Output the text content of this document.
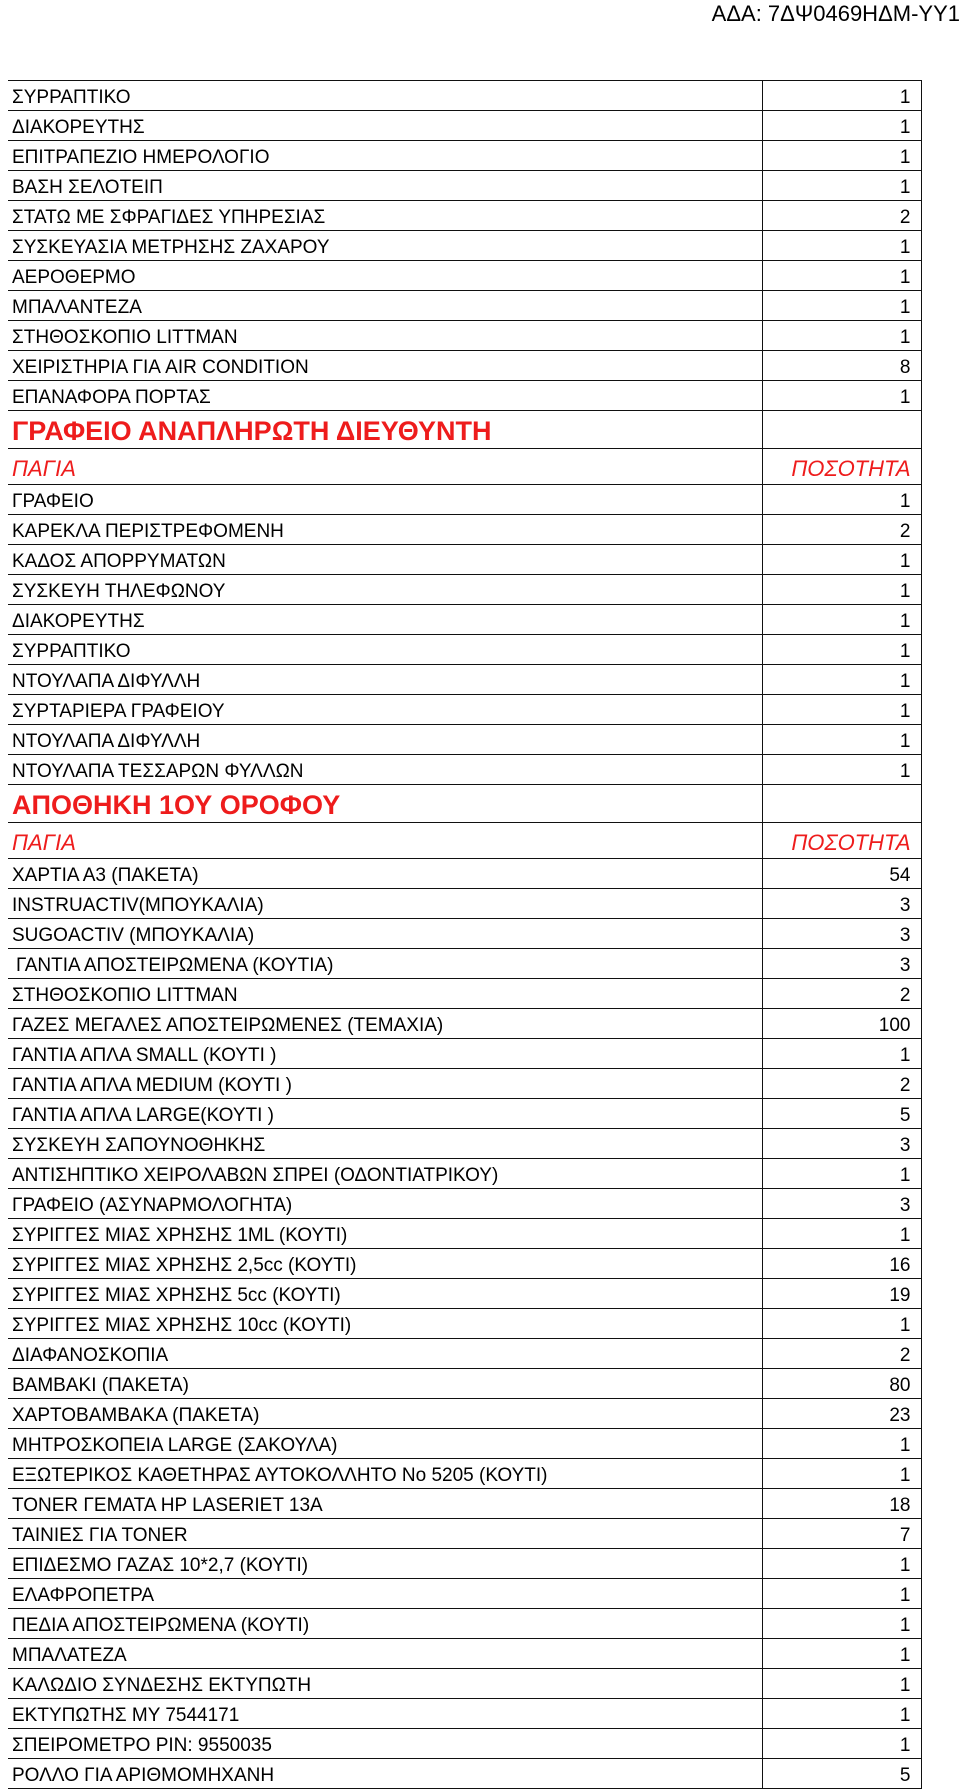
ΑΔΑ: 7ΔΨ0469ΗΔΜ-ΥΥ1
ΣΥΡΡΑΠΤΙΚΟ	1
ΔΙΑΚΟΡΕΥΤΗΣ	1
ΕΠΙΤΡΑΠΕΖΙΟ ΗΜΕΡΟΛΟΓΙΟ	1
ΒΑΣΗ ΣΕΛΟΤΕΙΠ	1
ΣΤΑΤΩ ΜΕ ΣΦΡΑΓΙΔΕΣ ΥΠΗΡΕΣΙΑΣ	2
ΣΥΣΚΕΥΑΣΙΑ ΜΕΤΡΗΣΗΣ ΖΑΧΑΡΟΥ	1
ΑΕΡΟΘΕΡΜΟ	1
ΜΠΑΛΑΝΤΕΖΑ	1
ΣΤΗΘΟΣΚΟΠΙΟ LITTMAN	1
ΧΕΙΡΙΣΤΗΡΙΑ ΓΙΑ AIR CONDITION	8
ΕΠΑΝΑΦΟΡΑ ΠΟΡΤΑΣ	1
ΓΡΑΦΕΙΟ ΑΝΑΠΛΗΡΩΤΗ ΔΙΕΥΘΥΝΤΗ	
ΠΑΓΙΑ	ΠΟΣΟΤΗΤΑ
ΓΡΑΦΕΙΟ	1
ΚΑΡΕΚΛΑ ΠΕΡΙΣΤΡΕΦΟΜΕΝΗ	2
ΚΑΔΟΣ ΑΠΟΡΡΥΜΑΤΩΝ	1
ΣΥΣΚΕΥΗ ΤΗΛΕΦΩΝΟΥ	1
ΔΙΑΚΟΡΕΥΤΗΣ	1
ΣΥΡΡΑΠΤΙΚΟ	1
ΝΤΟΥΛΑΠΑ ΔΙΦΥΛΛΗ	1
ΣΥΡΤΑΡΙΕΡΑ ΓΡΑΦΕΙΟΥ	1
ΝΤΟΥΛΑΠΑ ΔΙΦΥΛΛΗ	1
ΝΤΟΥΛΑΠΑ ΤΕΣΣΑΡΩΝ ΦΥΛΛΩΝ	1
ΑΠΟΘΗΚΗ 1ΟΥ ΟΡΟΦΟΥ	
ΠΑΓΙΑ	ΠΟΣΟΤΗΤΑ
ΧΑΡΤΙΑ Α3 (ΠΑΚΕΤΑ)	54
INSTRUACTIV(ΜΠΟΥΚΑΛΙΑ)	3
SUGOACTIV (ΜΠΟΥΚΑΛΙΑ)	3
ΓΑΝΤΙΑ ΑΠΟΣΤΕΙΡΩΜΕΝΑ (ΚΟΥΤΙΑ)	3
ΣΤΗΘΟΣΚΟΠΙΟ LITTMAN	2
ΓΑΖΕΣ ΜΕΓΑΛΕΣ ΑΠΟΣΤΕΙΡΩΜΕΝΕΣ (ΤΕΜΑΧΙΑ)	100
ΓΑΝΤΙΑ ΑΠΛΑ SMALL (ΚΟΥΤΙ )	1
ΓΑΝΤΙΑ ΑΠΛΑ MEDIUM (ΚΟΥΤΙ )	2
ΓΑΝΤΙΑ ΑΠΛΑ LARGE(ΚΟΥΤΙ )	5
ΣΥΣΚΕΥΗ ΣΑΠΟΥΝΟΘΗΚΗΣ	3
ΑΝΤΙΣΗΠΤΙΚΟ ΧΕΙΡΟΛΑΒΩΝ ΣΠΡΕΙ (ΟΔΟΝΤΙΑΤΡΙΚΟΥ)	1
ΓΡΑΦΕΙΟ (ΑΣΥΝΑΡΜΟΛΟΓΗΤΑ)	3
ΣΥΡΙΓΓΕΣ ΜΙΑΣ ΧΡΗΣΗΣ 1ML (ΚΟΥΤΙ)	1
ΣΥΡΙΓΓΕΣ ΜΙΑΣ ΧΡΗΣΗΣ 2,5cc (ΚΟΥΤΙ)	16
ΣΥΡΙΓΓΕΣ ΜΙΑΣ ΧΡΗΣΗΣ 5cc (ΚΟΥΤΙ)	19
ΣΥΡΙΓΓΕΣ ΜΙΑΣ ΧΡΗΣΗΣ 10cc (ΚΟΥΤΙ)	1
ΔΙΑΦΑΝΟΣΚΟΠΙΑ	2
ΒΑΜΒΑΚΙ (ΠΑΚΕΤΑ)	80
ΧΑΡΤΟΒΑΜΒΑΚΑ (ΠΑΚΕΤΑ)	23
ΜΗΤΡΟΣΚΟΠΕΙΑ LARGE (ΣΑΚΟΥΛΑ)	1
ΕΞΩΤΕΡΙΚΟΣ ΚΑΘΕΤΗΡΑΣ ΑΥΤΟΚΟΛΛΗΤΟ No 5205 (ΚΟΥΤΙ)	1
TONER ΓΕΜΑΤΑ HP LASERIET 13A	18
ΤΑΙΝΙΕΣ ΓΙΑ TONER	7
ΕΠΙΔΕΣΜΟ ΓΑΖΑΣ 10*2,7 (ΚΟΥΤΙ)	1
ΕΛΑΦΡΟΠΕΤΡΑ	1
ΠΕΔΙΑ ΑΠΟΣΤΕΙΡΩΜΕΝΑ (ΚΟΥΤΙ)	1
ΜΠΑΛΑΤΕΖΑ	1
ΚΑΛΩΔΙΟ ΣΥΝΔΕΣΗΣ ΕΚΤΥΠΩΤΗ	1
ΕΚΤΥΠΩΤΗΣ ΜΥ 7544171	1
ΣΠΕΙΡΟΜΕΤΡΟ PIN: 9550035	1
ΡΟΛΛΟ ΓΙΑ ΑΡΙΘΜΟΜΗΧΑΝΗ	5
